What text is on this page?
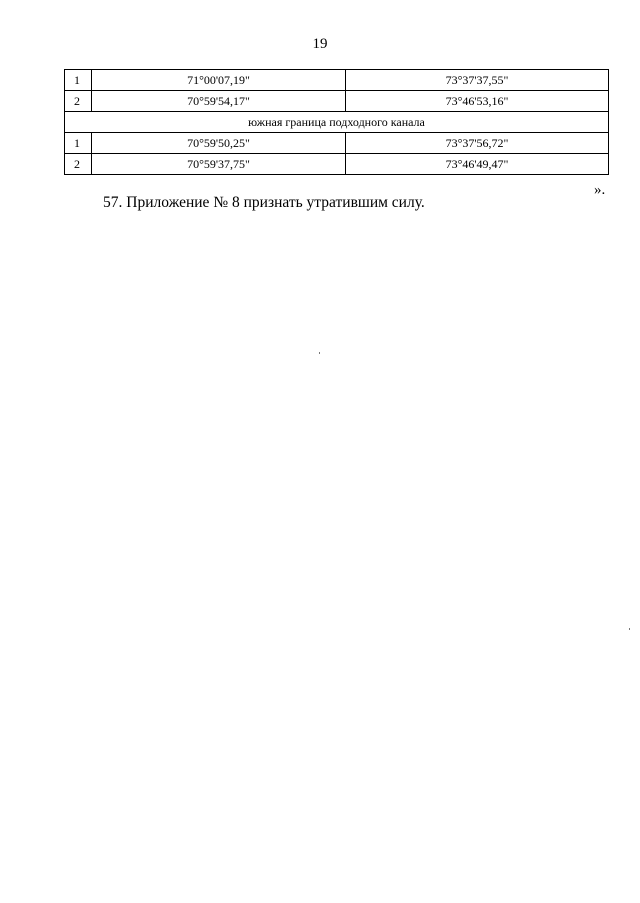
19
1	71°00'07,19"	73°37'37,55"
2	70°59'54,17"	73°46'53,16"
южная граница подходного канала		
1	70°59'50,25"	73°37'56,72"
2	70°59'37,75"	73°46'49,47"
».
57. Приложение № 8 признать утратившим силу.
